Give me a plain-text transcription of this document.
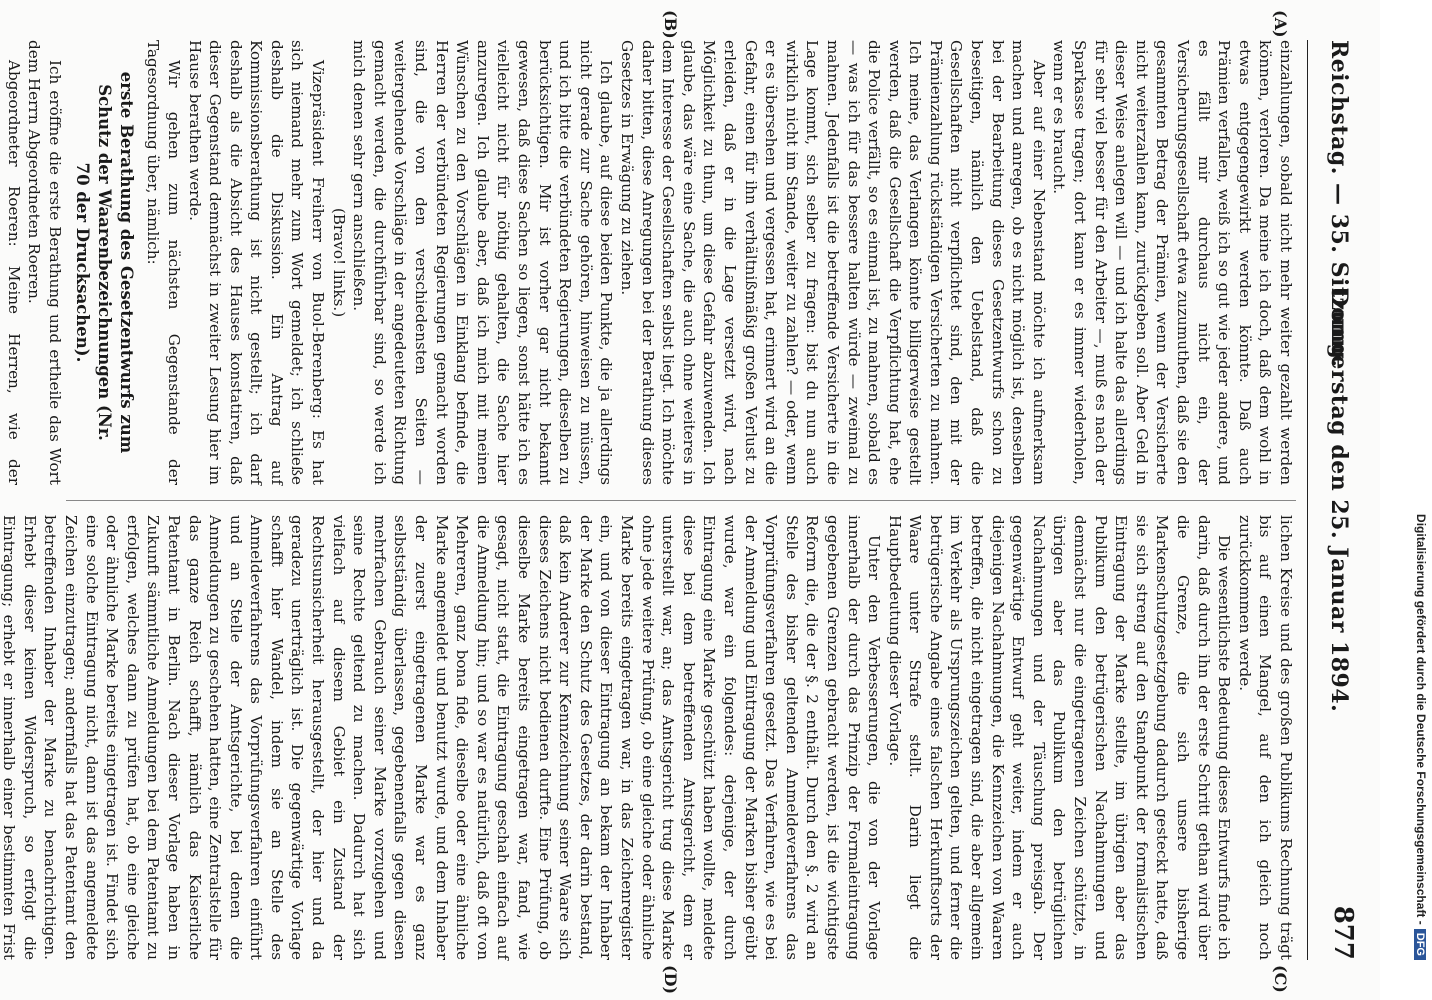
Reichstag. — 35. Sitzung.
Donnerstag den 25. Januar 1894.
877
(A)
(B)
(C)
(D)

einzahlungen, sobald nicht mehr weiter gezahlt werden können, verloren. Da meine ich doch, daß dem wohl in etwas entgegengewirkt werden könnte. Daß auch Prämien verfallen, weiß ich so gut wie jeder andere, und es fällt mir durchaus nicht ein, der Versicherungsgesellschaft etwa zuzumuthen, daß sie den gesammten Betrag der Prämien, wenn der Versicherte nicht weiterzahlen kann, zurückgeben soll. Aber Geld in dieser Weise anlegen will — und ich halte das allerdings für sehr viel besser für den Arbeiter —, muß es nach der Sparkasse tragen; dort kann er es immer wiederholen, wenn er es braucht.

Aber auf einer Nebenstand möchte ich aufmerksam machen und anregen, ob es nicht möglich ist, denselben bei der Bearbeitung dieses Gesetzentwurfs schon zu beseitigen, nämlich den Uebelstand, daß die Gesellschaften nicht verpflichtet sind, den mit der Prämienzahlung rückständigen Versicherten zu mahnen. Ich meine, das Verlangen könnte billigerweise gestellt werden, daß die Gesellschaft die Verpflichtung hat, ehe die Police verfällt, so es einmal ist, zu mahnen, sobald es — was ich für das bessere halten würde — zweimal zu mahnen. Jedenfalls ist die betreffende Versicherte in die Lage kommt, sich selber zu fragen: bist du nun auch wirklich nicht im Stande, weiter zu zahlen? — oder, wenn er es übersehen und vergessen hat, erinnert wird an die Gefahr, einen für ihn verhältnißmäßig großen Verlust zu erleiden, daß er in die Lage versetzt wird, nach Möglichkeit zu thun, um diese Gefahr abzuwenden. Ich glaube, das wäre eine Sache, die auch ohne weiteres in dem Interesse der Gesellschaften selbst liegt. Ich möchte daher bitten, diese Anregungen bei der Berathung dieses Gesetzes in Erwägung zu ziehen.

Ich glaube, auf diese beiden Punkte, die ja allerdings nicht gerade zur Sache gehören, hinweisen zu müssen, und ich bitte die verbündeten Regierungen, dieselben zu berücksichtigen. Mir ist vorher gar nicht bekannt gewesen, daß diese Sachen so liegen, sonst hätte ich es vielleicht nicht für nöthig gehalten, die Sache hier anzuregen. Ich glaube aber, daß ich mich mit meinen Wünschen zu den Vorschlägen in Einklang befinde, die Herren der verbündeten Regierungen gemacht worden sind, die von den verschiedensten Seiten — weitergehende Vorschläge in der angedeuteten Richtung gemacht werden, die durchführbar sind, so werde ich mich denen sehr gern anschließen.

(Bravo! links.)

Vizepräsident Freiherr von Buol-Berenberg: Es hat sich niemand mehr zum Wort gemeldet; ich schließe deshalb die Diskussion. Ein Antrag auf Kommissionsberathung ist nicht gestellt; ich darf deshalb als die Absicht des Hauses konstatiren, daß dieser Gegenstand demnächst in zweiter Lesung hier im Hause berathen werde.

Wir gehen zum nächsten Gegenstande der Tagesordnung über, nämlich:

erste Berathung des Gesetzentwurfs zum Schutz der Waarenbezeichnungen (Nr. 70 der Drucksachen).

Ich eröffne die erste Berathung und ertheile das Wort dem Herrn Abgeordneten Roeren.

Abgeordneter Roeren: Meine Herren, wie der

lichen Kreise und des großen Publikums Rechnung trägt bis auf einen Mangel, auf den ich gleich noch zurückkommen werde.

Die wesentlichste Bedeutung dieses Entwurfs finde ich darin, daß durch ihn der erste Schritt gethan wird über die Grenze, die sich unsere bisherige Markenschutzgesetzgebung dadurch gesteckt hatte, daß sie sich streng auf den Standpunkt der formalistischen Eintragung der Marke stellte, im übrigen aber das Publikum den betrügerischen Nachahmungen und demnächst nur die eingetragenen Zeichen schützte, in übrigen aber das Publikum den betrüglichen Nachahmungen und der Täuschung preisgab. Der gegenwärtige Entwurf geht weiter, indem er auch diejenigen Nachahmungen, die Kennzeichen von Waaren betreffen, die nicht eingetragen sind, die aber allgemein im Verkehr als Ursprungszeichen gelten, und ferner die betrügerische Angabe eines falschen Herkunftsorts der Waare unter Strafe stellt. Darin liegt die Hauptbedeutung dieser Vorlage.

Unter den Verbesserungen, die von der Vorlage innerhalb der durch das Prinzip der Formaleintragung gegebenen Grenzen gebracht werden, ist die wichtigste Reform die, die der §. 2 enthält. Durch den §. 2 wird an Stelle des bisher geltenden Anmeldeverfahrens das Vorprüfungsverfahren gesetzt. Das Verfahren, wie es bei der Anmeldung und Eintragung der Marken bisher geübt wurde, war ein folgendes: derjenige, der durch Eintragung eine Marke geschützt haben wollte, meldete diese bei dem betreffenden Amtsgericht, dem er unterstellt war, an; das Amtsgericht trug diese Marke ohne jede weitere Prüfung, ob eine gleiche oder ähnliche Marke bereits eingetragen war, in das Zeichenregister ein, und von dieser Eintragung an bekam der Inhaber der Marke den Schutz des Gesetzes, der darin bestand, daß kein Anderer zur Kennzeichnung seiner Waare sich dieses Zeichens nicht bedienen durfte. Eine Prüfung, ob dieselbe Marke bereits eingetragen war, fand, wie gesagt, nicht statt, die Eintragung geschah einfach auf die Anmeldung hin; und so war es natürlich, daß oft von Mehreren, ganz bona fide, dieselbe oder eine ähnliche Marke angemeldet und benutzt wurde, und dem Inhaber der zuerst eingetragenen Marke war es ganz selbstständig überlassen, gegebenenfalls gegen diesen mehrfachen Gebrauch seiner Marke vorzugehen und seine Rechte geltend zu machen. Dadurch hat sich vielfach auf diesem Gebiet ein Zustand der Rechtsunsicherheit herausgestellt, der hier und da geradezu unerträglich ist. Die gegenwärtige Vorlage schafft hier Wandel, indem sie an Stelle des Anmeldeverfahrens das Vorprüfungsverfahren einführt und an Stelle der Amtsgerichte, bei denen die Anmeldungen zu geschehen hatten, eine Zentralstelle für das ganze Reich schafft, nämlich das Kaiserliche Patentamt in Berlin. Nach dieser Vorlage haben in Zukunft sämmtliche Anmeldungen bei dem Patentamt zu erfolgen, welches dann zu prüfen hat, ob eine gleiche oder ähnliche Marke bereits eingetragen ist. Findet sich eine solche Eintragung nicht, dann ist das angemeldete Zeichen einzutragen; andernfalls hat das Patentamt den betreffenden Inhaber der Marke zu benachrichtigen. Erhebt dieser keinen Widerspruch, so erfolgt die Eintragung; erhebt er innerhalb einer bestimmten Frist

Digitalisierung gefördert durch die Deutsche Forschungsgemeinschaft -DFG
